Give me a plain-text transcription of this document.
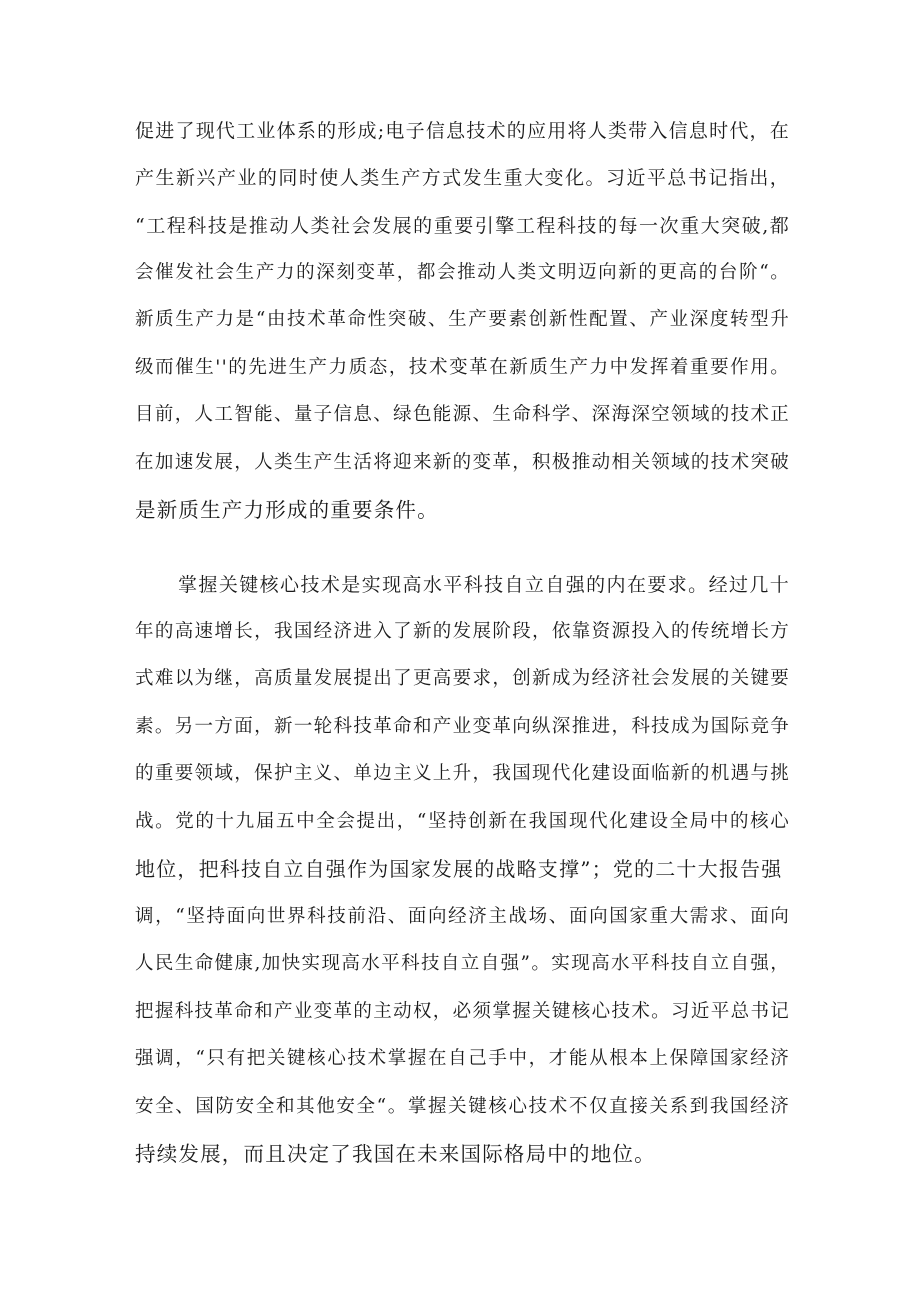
促进了现代工业体系的形成;电子信息技术的应用将人类带入信息时代，在
产生新兴产业的同时使人类生产方式发生重大变化。习近平总书记指出，
“工程科技是推动人类社会发展的重要引擎工程科技的每一次重大突破,都
会催发社会生产力的深刻变革，都会推动人类文明迈向新的更高的台阶“。
新质生产力是“由技术革命性突破、生产要素创新性配置、产业深度转型升
级而催生''的先进生产力质态，技术变革在新质生产力中发挥着重要作用。
目前，人工智能、量子信息、绿色能源、生命科学、深海深空领域的技术正
在加速发展，人类生产生活将迎来新的变革，积极推动相关领域的技术突破
是新质生产力形成的重要条件。
掌握关键核心技术是实现高水平科技自立自强的内在要求。经过几十
年的高速增长，我国经济进入了新的发展阶段，依靠资源投入的传统增长方
式难以为继，高质量发展提出了更高要求，创新成为经济社会发展的关键要
素。另一方面，新一轮科技革命和产业变革向纵深推进，科技成为国际竞争
的重要领域，保护主义、单边主义上升，我国现代化建设面临新的机遇与挑
战。党的十九届五中全会提出，“坚持创新在我国现代化建设全局中的核心
地位，把科技自立自强作为国家发展的战略支撑”；党的二十大报告强
调，“坚持面向世界科技前沿、面向经济主战场、面向国家重大需求、面向
人民生命健康,加快实现高水平科技自立自强”。实现高水平科技自立自强，
把握科技革命和产业变革的主动权，必须掌握关键核心技术。习近平总书记
强调，“只有把关键核心技术掌握在自己手中，才能从根本上保障国家经济
安全、国防安全和其他安全“。掌握关键核心技术不仅直接关系到我国经济
持续发展，而且决定了我国在未来国际格局中的地位。
